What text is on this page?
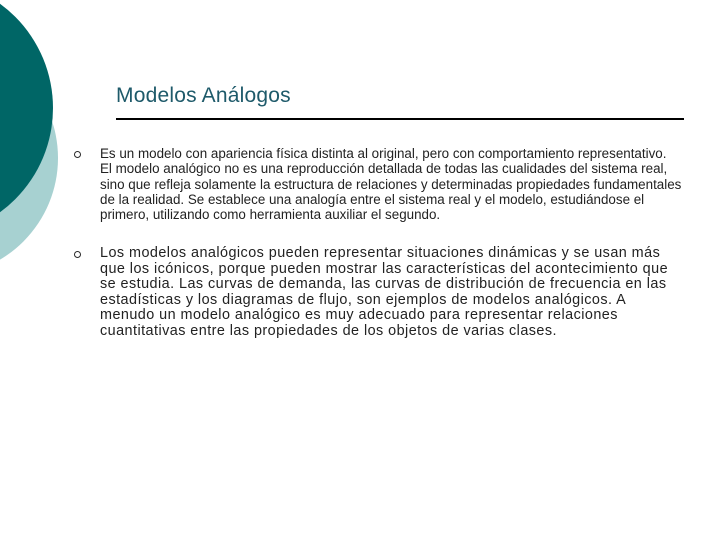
Modelos Análogos
Es un modelo con apariencia física distinta al original, pero con comportamiento representativo. El modelo analógico no es una reproducción detallada de todas las cualidades del sistema real, sino que refleja solamente la estructura de relaciones y determinadas propiedades fundamentales de la realidad. Se establece una analogía entre el sistema real y el modelo, estudiándose el primero, utilizando como herramienta auxiliar el segundo.
Los modelos analógicos pueden representar situaciones dinámicas y se usan más que los icónicos, porque pueden mostrar las características del acontecimiento que se estudia. Las curvas de demanda, las curvas de distribución de frecuencia en las estadísticas y los diagramas de flujo, son ejemplos de modelos analógicos. A menudo un modelo analógico es muy adecuado para representar relaciones cuantitativas entre las propiedades de los objetos de varias clases.
